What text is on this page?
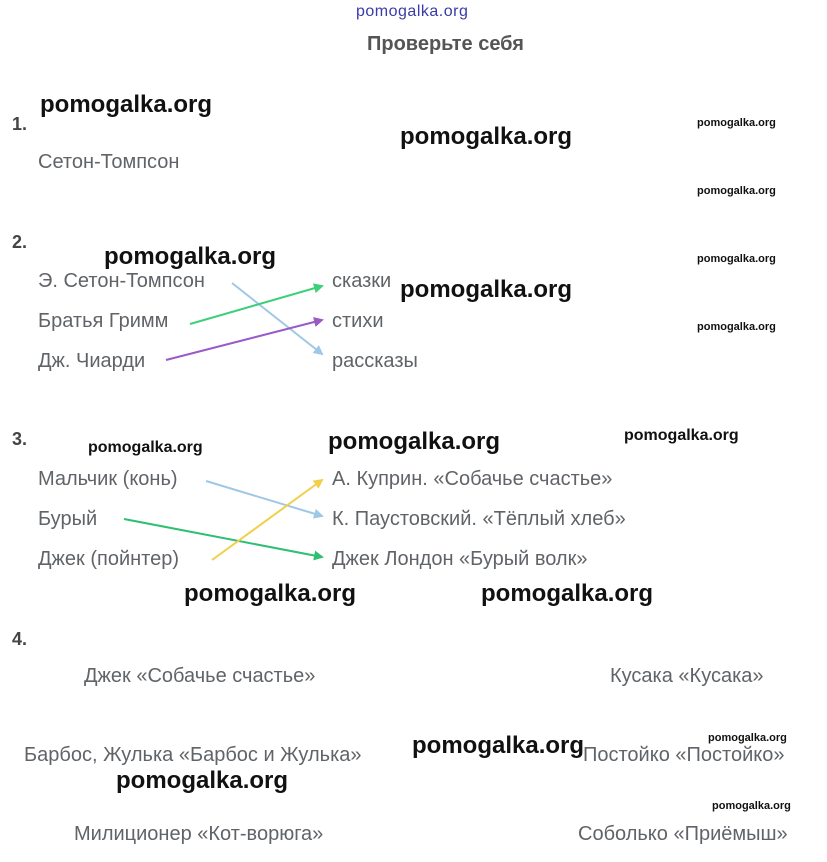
pomogalka.org
Проверьте себя
pomogalka.org
pomogalka.org	pomogalka.org
pomogalka.org
pomogalka.org	pomogalka.org
pomogalka.org
pomogalka.org
pomogalka.org	pomogalka.org	pomogalka.org
pomogalka.org	pomogalka.org
pomogalka.org	pomogalka.org
pomogalka.org
pomogalka.org
1.
Сетон-Томпсон
2.
Э. Сетон-Томпсон
Братья Гримм
Дж. Чиарди
сказки
стихи
рассказы
3.
Мальчик (конь)
Бурый
Джек (пойнтер)
А. Куприн. «Собачье счастье»
К. Паустовский. «Тёплый хлеб»
Джек Лондон «Бурый волк»
4.
Джек «Собачье счастье»	Кусака «Кусака»
Барбос, Жулька «Барбос и Жулька»	Постойко «Постойко»
Милиционер «Кот-ворюга»	Соболько «Приёмыш»
